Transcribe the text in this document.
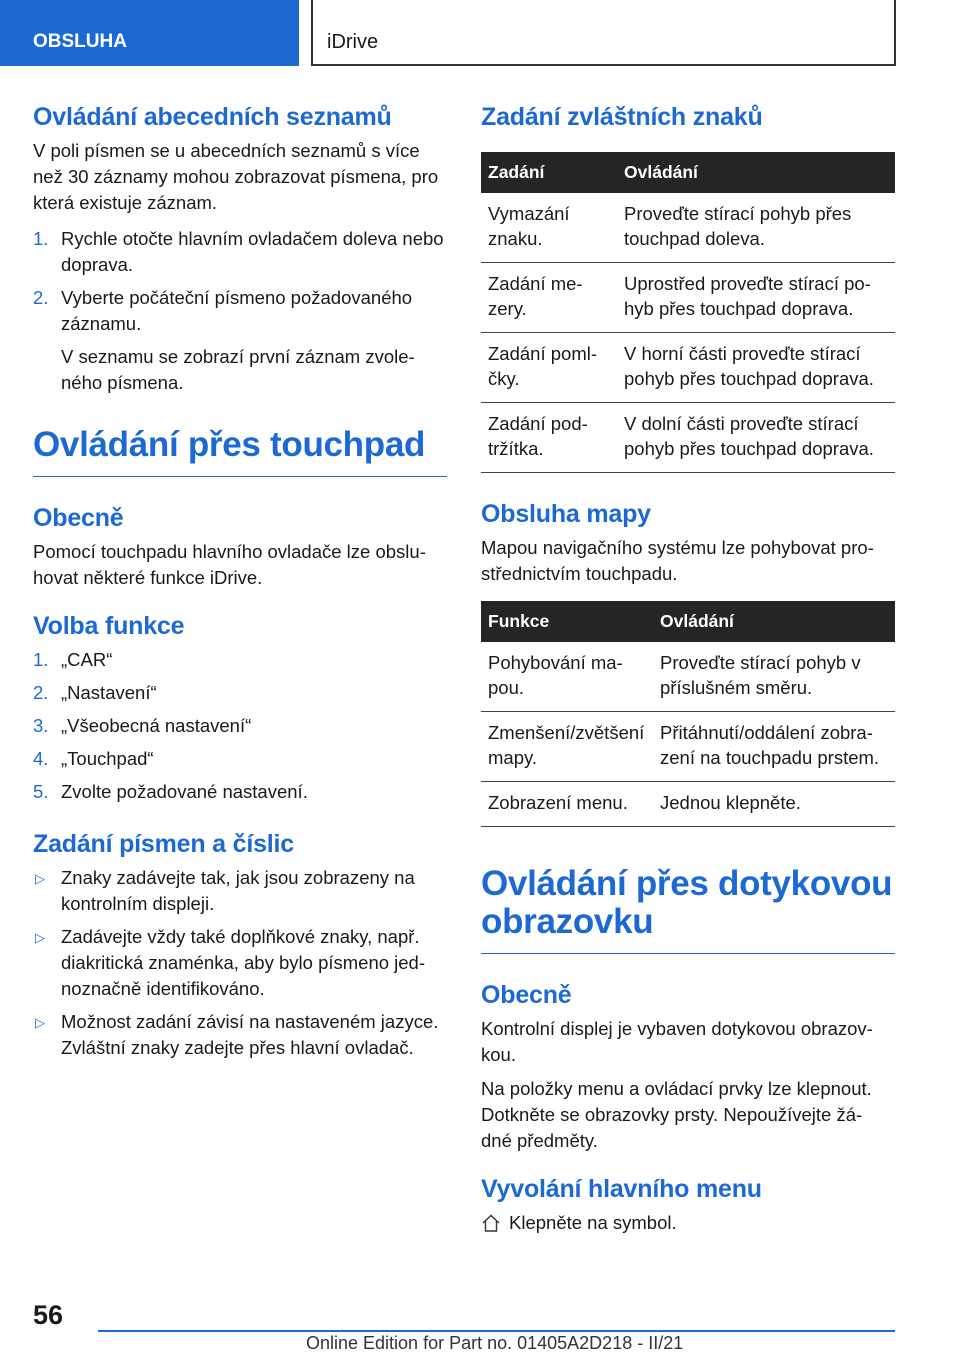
OBSLUHA	iDrive
Ovládání abecedních seznamů

V poli písmen se u abecedních seznamů s více než 30 záznamy mohou zobrazovat písmena, pro která existuje záznam.

1. Rychle otočte hlavním ovladačem doleva nebo doprava.
2. Vyberte počáteční písmeno požadovaného záznamu.
V seznamu se zobrazí první záznam zvole‐ ného písmena.
Ovládání přes touchpad
Obecně

Pomocí touchpadu hlavního ovladače lze obslu‐ hovat některé funkce iDrive.

Volba funkce
1. „CAR“
2. „Nastavení“
3. „Všeobecná nastavení“
4. „Touchpad“
5. Zvolte požadované nastavení.
Zadání písmen a číslic
▷ Znaky zadávejte tak, jak jsou zobrazeny na kontrolním displeji.
▷ Zadávejte vždy také doplňkové znaky, např. diakritická znaménka, aby bylo písmeno jed‐ noznačně identifikováno.
▷ Možnost zadání závisí na nastaveném jazyce. Zvláštní znaky zadejte přes hlavní ovladač.
Zadání zvláštních znaků
Zadání	Ovládání
Vymazání znaku.	Proveďte stírací pohyb přes touchpad doleva.
Zadání me‐ zery.	Uprostřed proveďte stírací po‐ hyb přes touchpad doprava.
Zadání poml‐ čky.	V horní části proveďte stírací pohyb přes touchpad doprava.
Zadání pod‐ tržítka.	V dolní části proveďte stírací pohyb přes touchpad doprava.
Obsluha mapy

Mapou navigačního systému lze pohybovat pro‐ střednictvím touchpadu.

Funkce	Ovládání
Pohybování ma‐ pou.	Proveďte stírací pohyb v příslušném směru.
Zmenšení/zvětšení mapy.	Přitáhnutí/oddálení zobra‐ zení na touchpadu prstem.
Zobrazení menu.	Jednou klepněte.
Ovládání přes dotykovou obrazovku
Obecně

Kontrolní displej je vybaven dotykovou obrazov‐ kou.

Na položky menu a ovládací prvky lze klepnout. Dotkněte se obrazovky prsty. Nepoužívejte žá‐ dné předměty.

Vyvolání hlavního menu

Klepněte na symbol.

56
Online Edition for Part no. 01405A2D218 - II/21
